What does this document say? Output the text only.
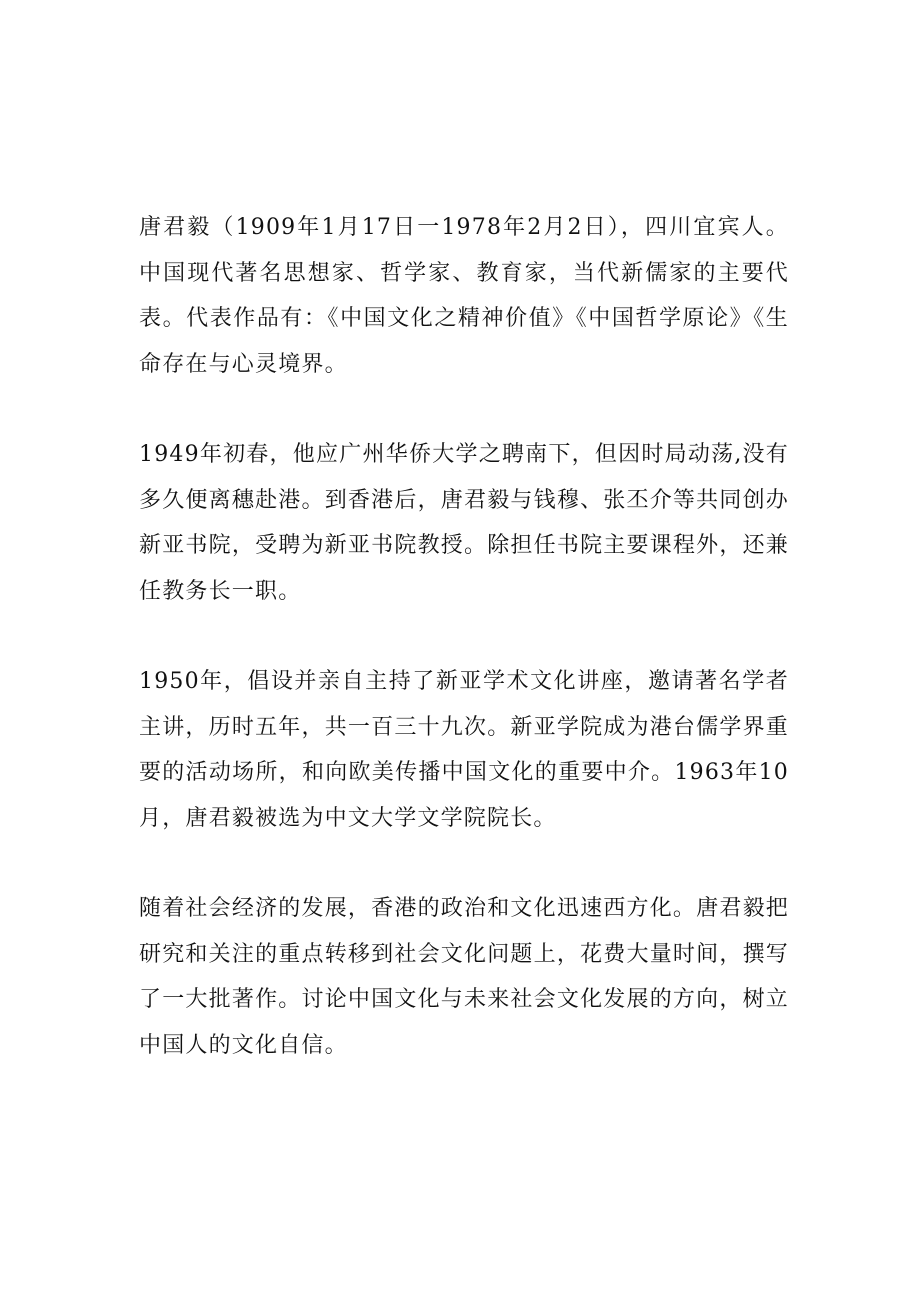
唐君毅（1909年1月17日一1978年2月2日），四川宜宾人。中国现代著名思想家、哲学家、教育家，当代新儒家的主要代表。代表作品有：《中国文化之精神价值》《中国哲学原论》《生命存在与心灵境界。

1949年初春，他应广州华侨大学之聘南下，但因时局动荡,没有多久便离穗赴港。到香港后，唐君毅与钱穆、张丕介等共同创办新亚书院，受聘为新亚书院教授。除担任书院主要课程外，还兼任教务长一职。

1950年，倡设并亲自主持了新亚学术文化讲座，邀请著名学者主讲，历时五年，共一百三十九次。新亚学院成为港台儒学界重要的活动场所，和向欧美传播中国文化的重要中介。1963年10月，唐君毅被选为中文大学文学院院长。

随着社会经济的发展，香港的政治和文化迅速西方化。唐君毅把研究和关注的重点转移到社会文化问题上，花费大量时间，撰写了一大批著作。讨论中国文化与未来社会文化发展的方向，树立中国人的文化自信。
